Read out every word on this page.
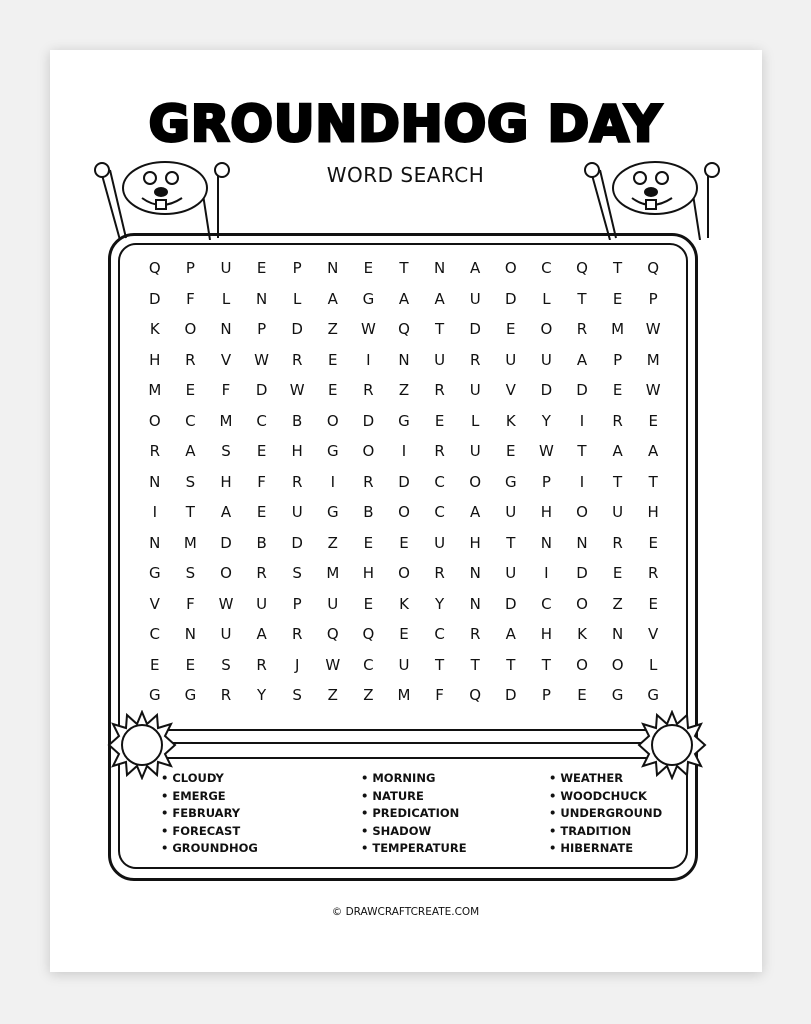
GROUNDHOG DAY
WORD SEARCH
Q	P	U	E	P	N	E	T	N	A	O	C	Q	T	Q
D	F	L	N	L	A	G	A	A	U	D	L	T	E	P
K	O	N	P	D	Z	W	Q	T	D	E	O	R	M	W
H	R	V	W	R	E	I	N	U	R	U	U	A	P	M
M	E	F	D	W	E	R	Z	R	U	V	D	D	E	W
O	C	M	C	B	O	D	G	E	L	K	Y	I	R	E
R	A	S	E	H	G	O	I	R	U	E	W	T	A	A
N	S	H	F	R	I	R	D	C	O	G	P	I	T	T
I	T	A	E	U	G	B	O	C	A	U	H	O	U	H
N	M	D	B	D	Z	E	E	U	H	T	N	N	R	E
G	S	O	R	S	M	H	O	R	N	U	I	D	E	R
V	F	W	U	P	U	E	K	Y	N	D	C	O	Z	E
C	N	U	A	R	Q	Q	E	C	R	A	H	K	N	V
E	E	S	R	J	W	C	U	T	T	T	T	O	O	L
G	G	R	Y	S	Z	Z	M	F	Q	D	P	E	G	G
• CLOUDY
• EMERGE
• FEBRUARY
• FORECAST
• GROUNDHOG
• MORNING
• NATURE
• PREDICATION
• SHADOW
• TEMPERATURE
• WEATHER
• WOODCHUCK
• UNDERGROUND
• TRADITION
• HIBERNATE
© DRAWCRAFTCREATE.COM
